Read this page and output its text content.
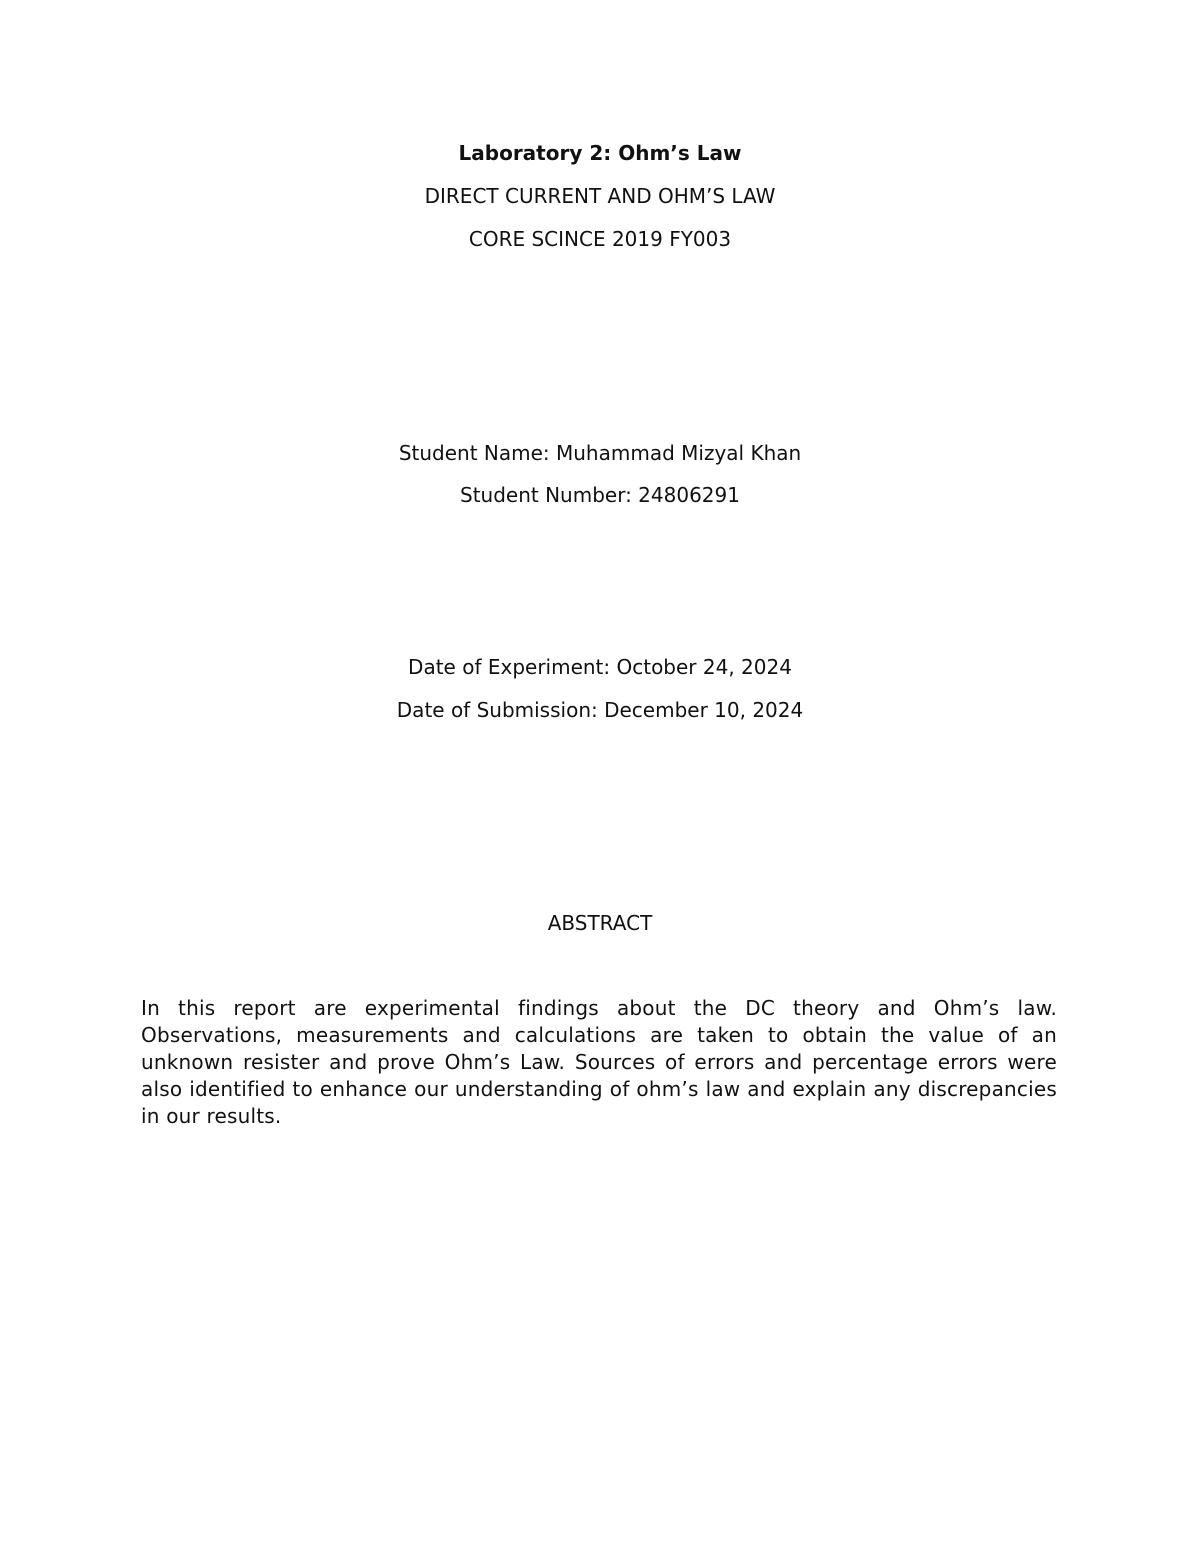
Laboratory 2: Ohm’s Law
DIRECT CURRENT AND OHM’S LAW
CORE SCINCE 2019 FY003
Student Name: Muhammad Mizyal Khan
Student Number: 24806291
Date of Experiment: October 24, 2024
Date of Submission: December 10, 2024
ABSTRACT
In this report are experimental findings about the DC theory and Ohm’s law. Observations, measurements and calculations are taken to obtain the value of an unknown resister and prove Ohm’s Law. Sources of errors and percentage errors were also identified to enhance our understanding of ohm’s law and explain any discrepancies in our results.
